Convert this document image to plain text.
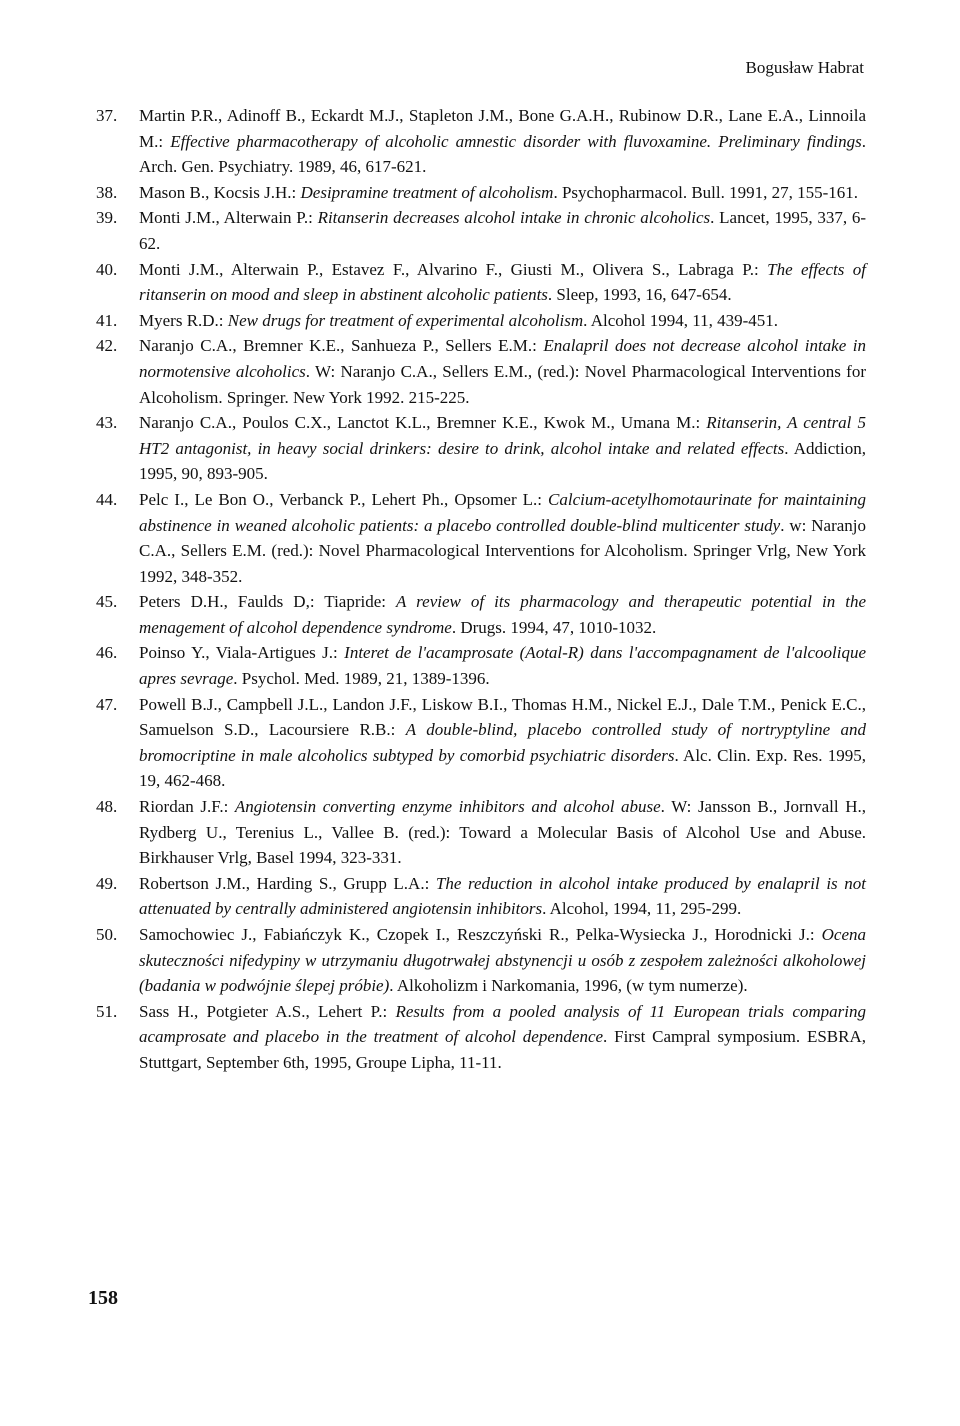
Bogusław Habrat
37. Martin P.R., Adinoff B., Eckardt M.J., Stapleton J.M., Bone G.A.H., Rubinow D.R., Lane E.A., Linnoila M.: Effective pharmacotherapy of alcoholic amnestic disorder with fluvoxamine. Preliminary findings. Arch. Gen. Psychiatry. 1989, 46, 617-621.
38. Mason B., Kocsis J.H.: Desipramine treatment of alcoholism. Psychopharmacol. Bull. 1991, 27, 155-161.
39. Monti J.M., Alterwain P.: Ritanserin decreases alcohol intake in chronic alcoholics. Lancet, 1995, 337, 6-62.
40. Monti J.M., Alterwain P., Estavez F., Alvarino F., Giusti M., Olivera S., Labraga P.: The effects of ritanserin on mood and sleep in abstinent alcoholic patients. Sleep, 1993, 16, 647-654.
41. Myers R.D.: New drugs for treatment of experimental alcoholism. Alcohol 1994, 11, 439-451.
42. Naranjo C.A., Bremner K.E., Sanhueza P., Sellers E.M.: Enalapril does not decrease alcohol intake in normotensive alcoholics. W: Naranjo C.A., Sellers E.M., (red.): Novel Pharmacological Interventions for Alcoholism. Springer. New York 1992. 215-225.
43. Naranjo C.A., Poulos C.X., Lanctot K.L., Bremner K.E., Kwok M., Umana M.: Ritanserin, A central 5 HT2 antagonist, in heavy social drinkers: desire to drink, alcohol intake and related effects. Addiction, 1995, 90, 893-905.
44. Pelc I., Le Bon O., Verbanck P., Lehert Ph., Opsomer L.: Calcium-acetylhomotaurinate for maintaining abstinence in weaned alcoholic patients: a placebo controlled double-blind multicenter study. w: Naranjo C.A., Sellers E.M. (red.): Novel Pharmacological Interventions for Alcoholism. Springer Vrlg, New York 1992, 348-352.
45. Peters D.H., Faulds D,: Tiapride: A review of its pharmacology and therapeutic potential in the menagement of alcohol dependence syndrome. Drugs. 1994, 47, 1010-1032.
46. Poinso Y., Viala-Artigues J.: Interet de l'acamprosate (Aotal-R) dans l'accompagnament de l'alcoolique apres sevrage. Psychol. Med. 1989, 21, 1389-1396.
47. Powell B.J., Campbell J.L., Landon J.F., Liskow B.I., Thomas H.M., Nickel E.J., Dale T.M., Penick E.C., Samuelson S.D., Lacoursiere R.B.: A double-blind, placebo controlled study of nortryptyline and bromocriptine in male alcoholics subtyped by comorbid psychiatric disorders. Alc. Clin. Exp. Res. 1995, 19, 462-468.
48. Riordan J.F.: Angiotensin converting enzyme inhibitors and alcohol abuse. W: Jansson B., Jornvall H., Rydberg U., Terenius L., Vallee B. (red.): Toward a Molecular Basis of Alcohol Use and Abuse. Birkhauser Vrlg, Basel 1994, 323-331.
49. Robertson J.M., Harding S., Grupp L.A.: The reduction in alcohol intake produced by enalapril is not attenuated by centrally administered angiotensin inhibitors. Alcohol, 1994, 11, 295-299.
50. Samochowiec J., Fabiańczyk K., Czopek I., Reszczyński R., Pelka-Wysiecka J., Horodnicki J.: Ocena skuteczności nifedypiny w utrzymaniu długotrwałej abstynencji u osób z zespołem zależności alkoholowej (badania w podwójnie ślepej próbie). Alkoholizm i Narkomania, 1996, (w tym numerze).
51. Sass H., Potgieter A.S., Lehert P.: Results from a pooled analysis of 11 European trials comparing acamprosate and placebo in the treatment of alcohol dependence. First Campral symposium. ESBRA, Stuttgart, September 6th, 1995, Groupe Lipha, 11-11.
158
